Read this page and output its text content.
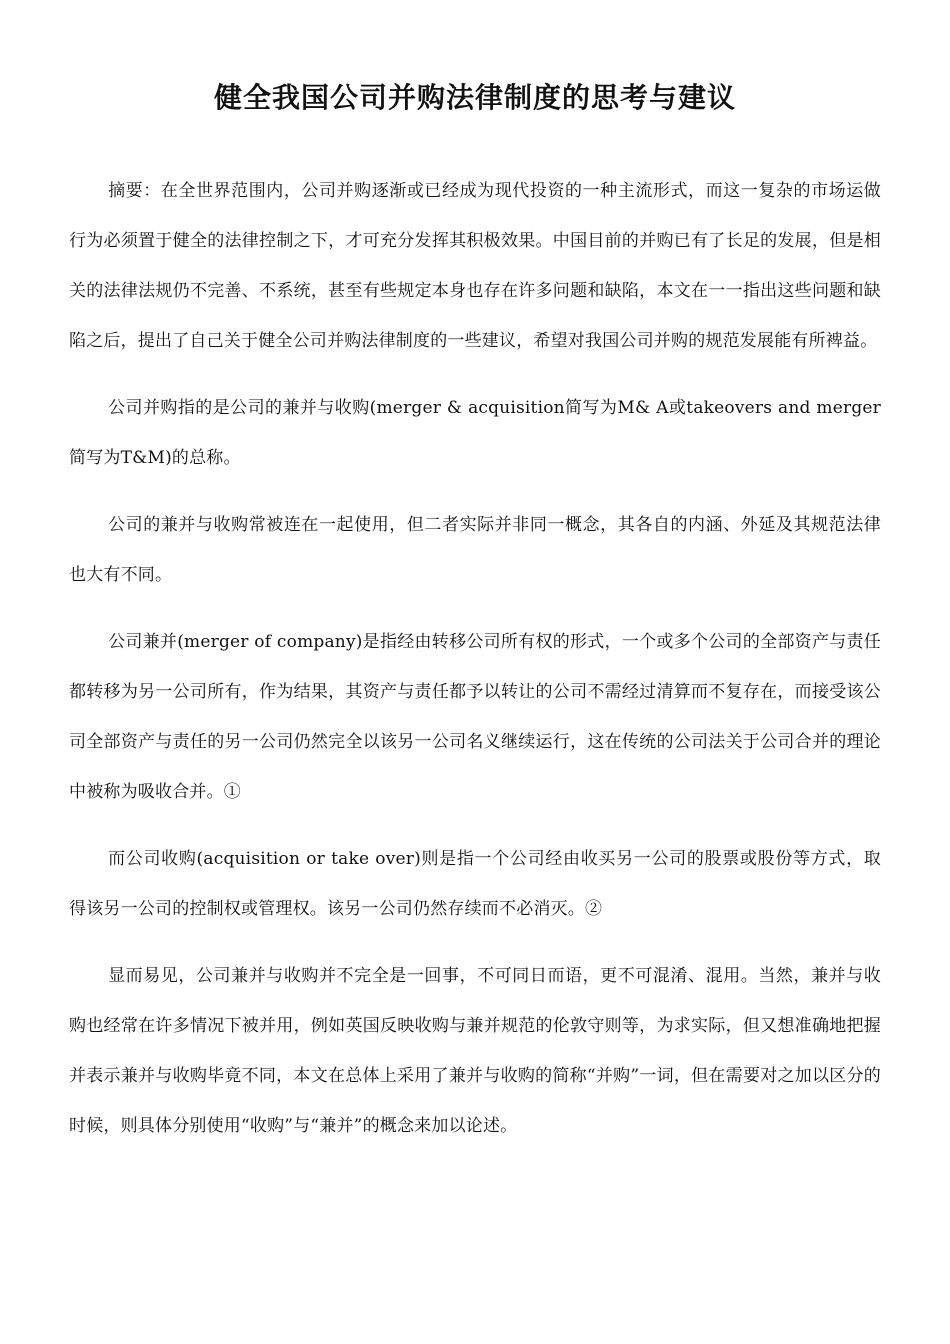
健全我国公司并购法律制度的思考与建议

摘要：在全世界范围内，公司并购逐渐或已经成为现代投资的一种主流形式，而这一复杂的市场运做行为必须置于健全的法律控制之下，才可充分发挥其积极效果。中国目前的并购已有了长足的发展，但是相关的法律法规仍不完善、不系统，甚至有些规定本身也存在许多问题和缺陷，本文在一一指出这些问题和缺陷之后，提出了自己关于健全公司并购法律制度的一些建议，希望对我国公司并购的规范发展能有所裨益。

公司并购指的是公司的兼并与收购(merger & acquisition简写为M& A或takeovers and merger 简写为T&M)的总称。

公司的兼并与收购常被连在一起使用，但二者实际并非同一概念，其各自的内涵、外延及其规范法律也大有不同。

公司兼并(merger of company)是指经由转移公司所有权的形式，一个或多个公司的全部资产与责任都转移为另一公司所有，作为结果，其资产与责任都予以转让的公司不需经过清算而不复存在，而接受该公司全部资产与责任的另一公司仍然完全以该另一公司名义继续运行，这在传统的公司法关于公司合并的理论中被称为吸收合并。①

而公司收购(acquisition or take over)则是指一个公司经由收买另一公司的股票或股份等方式，取得该另一公司的控制权或管理权。该另一公司仍然存续而不必消灭。②

显而易见，公司兼并与收购并不完全是一回事，不可同日而语，更不可混淆、混用。当然，兼并与收购也经常在许多情况下被并用，例如英国反映收购与兼并规范的伦敦守则等，为求实际，但又想准确地把握并表示兼并与收购毕竟不同，本文在总体上采用了兼并与收购的简称“并购”一词，但在需要对之加以区分的时候，则具体分别使用“收购”与“兼并”的概念来加以论述。
